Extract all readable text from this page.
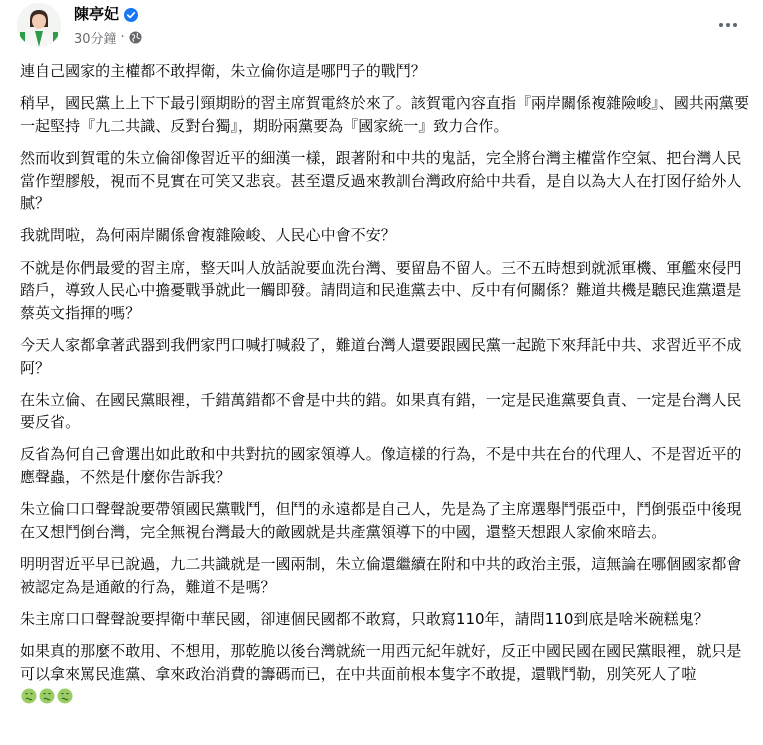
陳亭妃
30分鐘 ·

連自己國家的主權都不敢捍衛，朱立倫你這是哪門子的戰鬥？

稍早，國民黨上上下下最引頸期盼的習主席賀電終於來了。該賀電內容直指『兩岸關係複雜險峻』、國共兩黨要一起堅持『九二共識、反對台獨』，期盼兩黨要為『國家統一』致力合作。

然而收到賀電的朱立倫卻像習近平的細漢一樣，跟著附和中共的鬼話，完全將台灣主權當作空氣、把台灣人民當作塑膠般，視而不見實在可笑又悲哀。甚至還反過來教訓台灣政府給中共看，是自以為大人在打囡仔給外人腻？

我就問啦，為何兩岸關係會複雜險峻、人民心中會不安？

不就是你們最愛的習主席，整天叫人放話說要血洗台灣、要留島不留人。三不五時想到就派軍機、軍艦來侵門踏戶，導致人民心中擔憂戰爭就此一觸即發。請問這和民進黨去中、反中有何關係？難道共機是聽民進黨還是蔡英文指揮的嗎？

今天人家都拿著武器到我們家門口喊打喊殺了，難道台灣人還要跟國民黨一起跪下來拜託中共、求習近平不成阿？

在朱立倫、在國民黨眼裡，千錯萬錯都不會是中共的錯。如果真有錯，一定是民進黨要負責、一定是台灣人民要反省。

反省為何自己會選出如此敢和中共對抗的國家領導人。像這樣的行為，不是中共在台的代理人、不是習近平的應聲蟲，不然是什麼你告訴我？

朱立倫口口聲聲說要帶領國民黨戰鬥，但鬥的永遠都是自己人，先是為了主席選舉鬥張亞中，鬥倒張亞中後現在又想鬥倒台灣，完全無視台灣最大的敵國就是共產黨領導下的中國，還整天想跟人家偷來暗去。

明明習近平早已說過，九二共識就是一國兩制，朱立倫還繼續在附和中共的政治主張，這無論在哪個國家都會被認定為是通敵的行為，難道不是嗎？

朱主席口口聲聲說要捍衛中華民國，卻連個民國都不敢寫，只敢寫110年，請問110到底是啥米碗糕鬼？

如果真的那麼不敢用、不想用，那乾脆以後台灣就統一用西元紀年就好，反正中國民國在國民黨眼裡，就只是可以拿來罵民進黨、拿來政治消費的籌碼而已，在中共面前根本隻字不敢提，還戰鬥勒，別笑死人了啦
